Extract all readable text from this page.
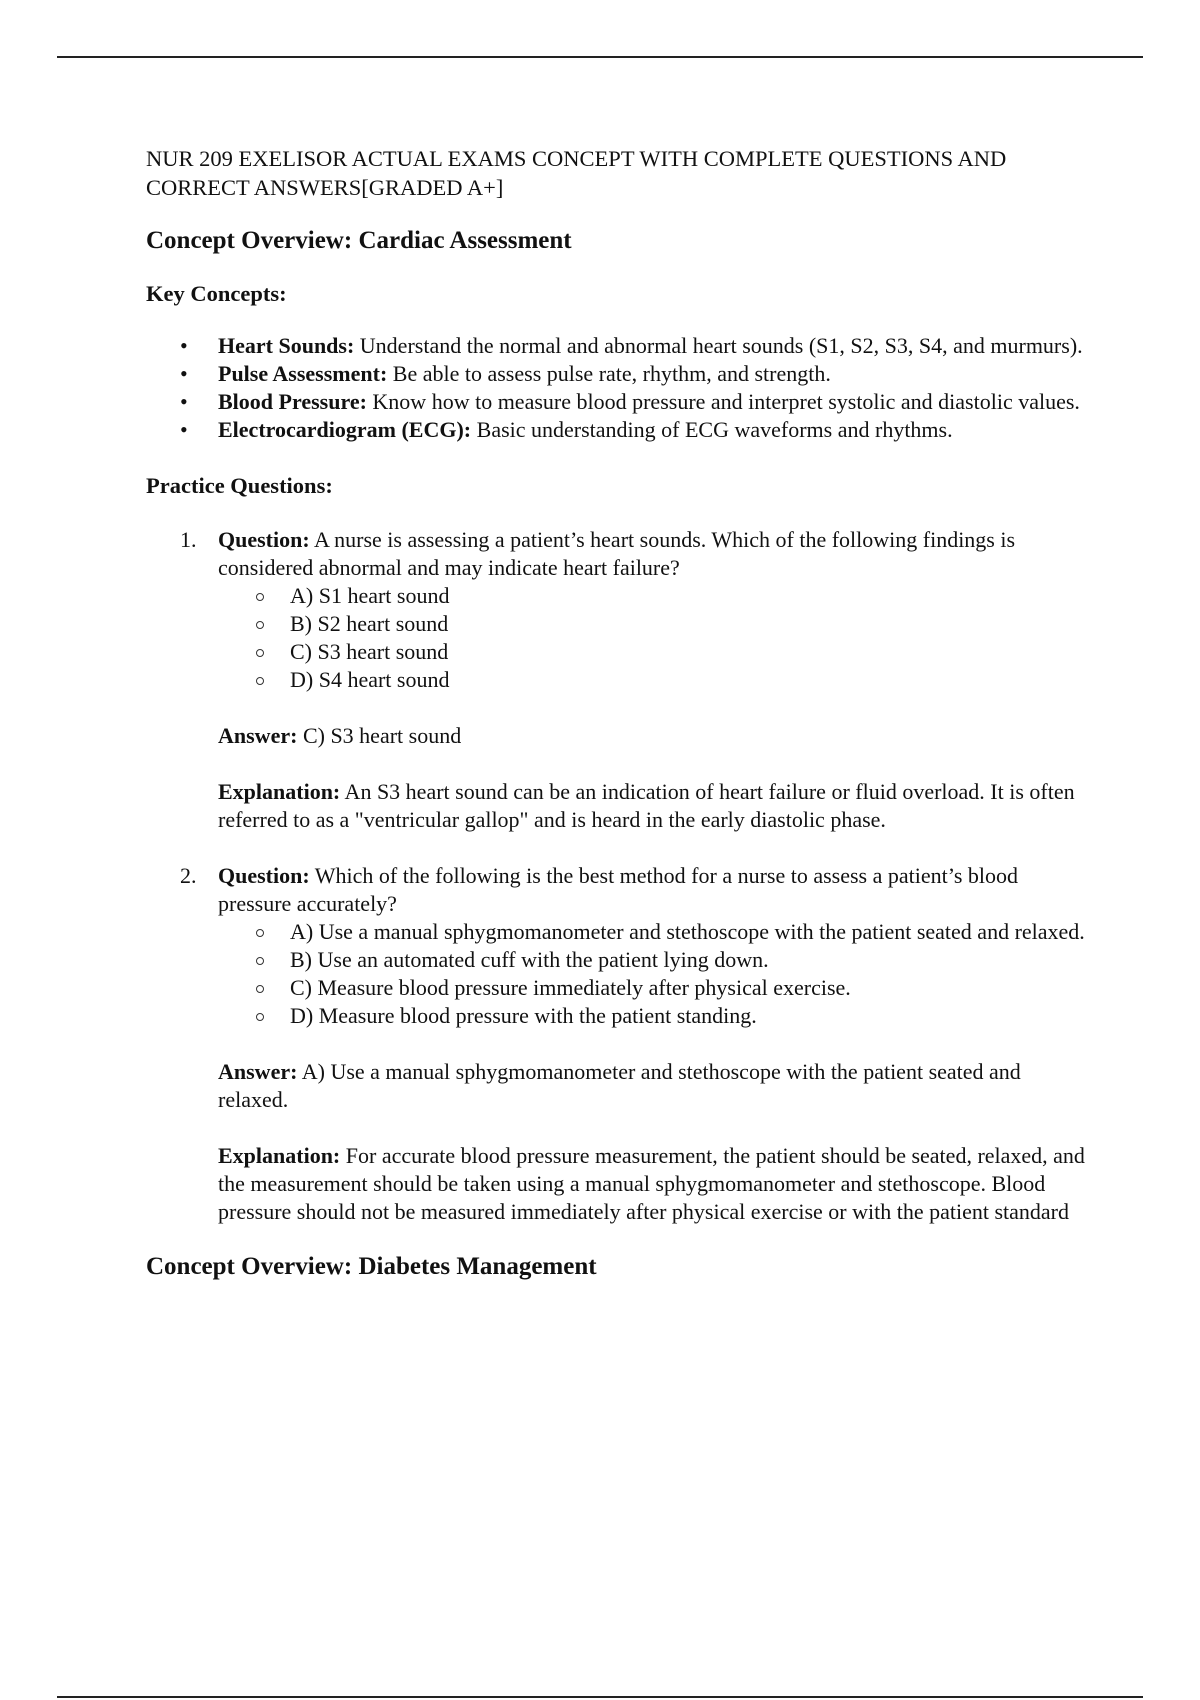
NUR 209 EXELISOR ACTUAL EXAMS CONCEPT WITH COMPLETE QUESTIONS AND
CORRECT ANSWERS[GRADED A+]

Concept Overview: Cardiac Assessment
Key Concepts:
• Heart Sounds: Understand the normal and abnormal heart sounds (S1, S2, S3, S4, and murmurs).
• Pulse Assessment: Be able to assess pulse rate, rhythm, and strength.
• Blood Pressure: Know how to measure blood pressure and interpret systolic and diastolic values.
• Electrocardiogram (ECG): Basic understanding of ECG waveforms and rhythms.
Practice Questions:
1. Question: A nurse is assessing a patient’s heart sounds. Which of the following findings is considered abnormal and may indicate heart failure?
A) S1 heart sound
B) S2 heart sound
C) S3 heart sound
D) S4 heart sound
Answer: C) S3 heart sound
Explanation: An S3 heart sound can be an indication of heart failure or fluid overload. It is often referred to as a "ventricular gallop" and is heard in the early diastolic phase.
2. Question: Which of the following is the best method for a nurse to assess a patient’s blood pressure accurately?
A) Use a manual sphygmomanometer and stethoscope with the patient seated and relaxed.
B) Use an automated cuff with the patient lying down.
C) Measure blood pressure immediately after physical exercise.
D) Measure blood pressure with the patient standing.
Answer: A) Use a manual sphygmomanometer and stethoscope with the patient seated and relaxed.
Explanation: For accurate blood pressure measurement, the patient should be seated, relaxed, and the measurement should be taken using a manual sphygmomanometer and stethoscope. Blood pressure should not be measured immediately after physical exercise or with the patient standard
Concept Overview: Diabetes Management
